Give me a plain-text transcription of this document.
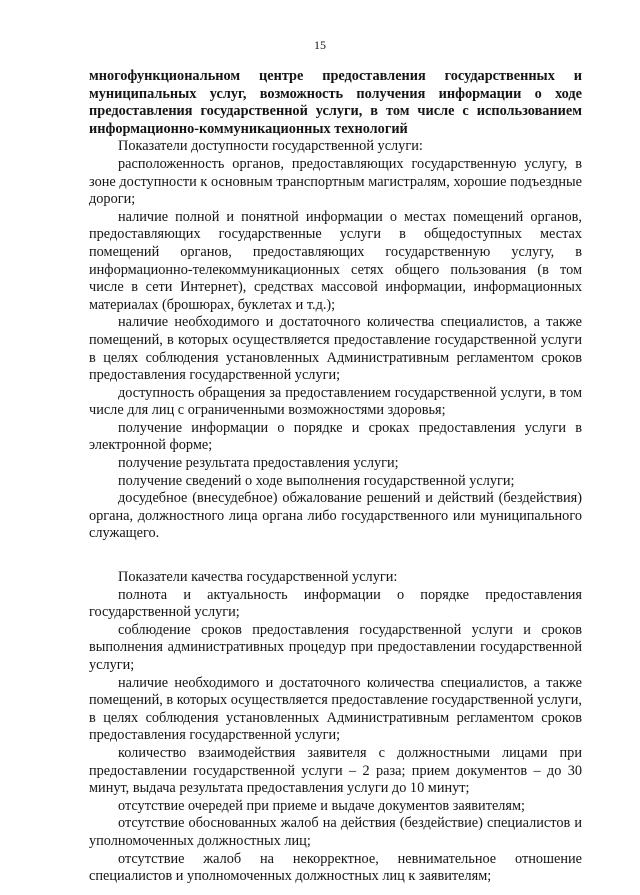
15

многофункциональном центре предоставления государственных и муниципальных услуг, возможность получения информации о ходе предоставления государственной услуги, в том числе с использованием информационно-коммуникационных технологий

Показатели доступности государственной услуги:

расположенность органов, предоставляющих государственную услугу, в зоне доступности к основным транспортным магистралям, хорошие подъездные дороги;

наличие полной и понятной информации о местах помещений органов, предоставляющих государственные услуги в общедоступных местах помещений органов, предоставляющих государственную услугу, в информационно-телекоммуникационных сетях общего пользования (в том числе в сети Интернет), средствах массовой информации, информационных материалах (брошюрах, буклетах и т.д.);

наличие необходимого и достаточного количества специалистов, а также помещений, в которых осуществляется предоставление государственной услуги в целях соблюдения установленных Административным регламентом сроков предоставления государственной услуги;

доступность обращения за предоставлением государственной услуги, в том числе для лиц с ограниченными возможностями здоровья;

получение информации о порядке и сроках предоставления услуги в электронной форме;

получение результата предоставления услуги;

получение сведений о ходе выполнения государственной услуги;

досудебное (внесудебное) обжалование решений и действий (бездействия) органа, должностного лица органа либо государственного или муниципального служащего.

Показатели качества государственной услуги:

полнота и актуальность информации о порядке предоставления государственной услуги;

соблюдение сроков предоставления государственной услуги и сроков выполнения административных процедур при предоставлении государственной услуги;

наличие необходимого и достаточного количества специалистов, а также помещений, в которых осуществляется предоставление государственной услуги, в целях соблюдения установленных Административным регламентом сроков предоставления государственной услуги;

количество взаимодействия заявителя с должностными лицами при предоставлении государственной услуги – 2 раза; прием документов – до 30 минут, выдача результата предоставления услуги до 10 минут;

отсутствие очередей при приеме и выдаче документов заявителям;

отсутствие обоснованных жалоб на действия (бездействие) специалистов и уполномоченных должностных лиц;

отсутствие жалоб на некорректное, невнимательное отношение специалистов и уполномоченных должностных лиц к заявителям;
